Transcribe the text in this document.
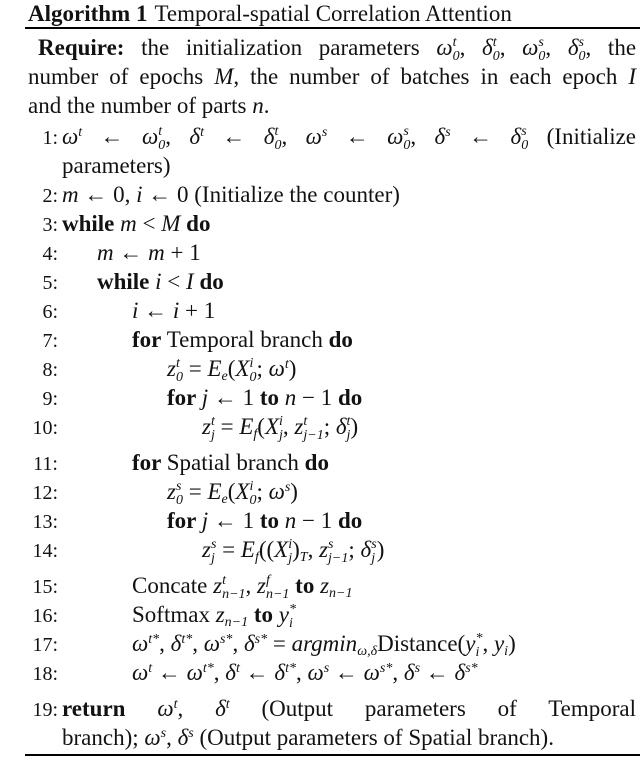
Algorithm 1 Temporal-spatial Correlation Attention
Require: the initialization parameters ω t
0 , δ t
0 , ω s
0 , δ s
0 , the
number of epochs M, the number of batches in each epoch I
and the number of parts n.
1: $\omega^t$ ← ω t
0 , $\delta^t$ ← δ t
0 , $\omega^s$ ← ω s
0 , $\delta^s$ ← δ s
0 (Initialize
parameters)
2: m ← 0, i ← 0 (Initialize the counter)
3: while m < M do
4: m ← m + 1
5: while i < I do
6:	i ← i + 1
7:	for Temporal branch do
8:	z t
$0 = E_e(X$ i
0 ; $\omega^t$)
9:	for j ← 1 to n − 1 do
10:	z t
$j = E_f(X$ i
j , z t
j−1 ; δ t
j )
11:	for Spatial branch do
12:	z s
$0 = E_e(X$ i
0 ; $\omega^s$)
13:	for j ← 1 to n − 1 do
14:	z s
$j = E_f((X$ i
j )$_T$, z s
j−1 ; δ s
j )
15:	Concate z t
n−1 , z f
n−1 to $z_{n-1}$
16:	Softmax $z_{n-1}$ to y *
i
17:	$\omega^{t*}$, $\delta^{t*}$, $\omega^{s*}$, $\delta^{s*}$ = argmin$_{\omega,\delta}$Distance(y *
i , $y_i$)
18:	$\omega^t$ ← $\omega^{t*}$, $\delta^t$ ← $\delta^{t*}$, $\omega^s$ ← $\omega^{s*}$, $\delta^s$ ← $\delta^{s*}$
19: return $\omega^t$, $\delta^t$ (Output parameters of Temporal
branch); $\omega^s$, $\delta^s$ (Output parameters of Spatial branch).
